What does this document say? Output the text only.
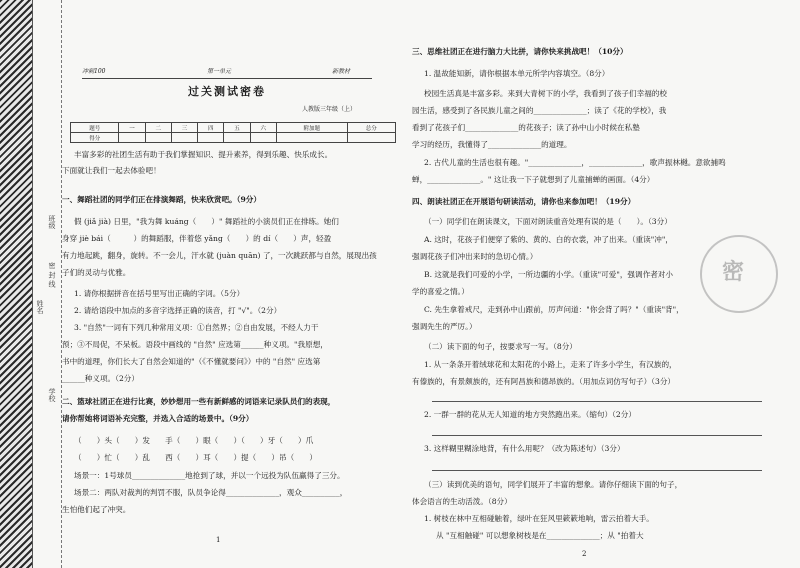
班级
密 封 线
姓名
学校
冲刺100	第一单元	新教材
过关测试密卷
人教版三年级（上）
题号	一	二	三	四	五	六	附加题	总分
得分								
丰富多彩的社团生活有助于我们掌握知识、提升素养，得到乐趣、快乐成长。
下面就让我们一起去体验吧！
一、舞蹈社团的同学们正在排演舞蹈，快来欣赏吧。（9分）
假 (jiǎ jià) 日里，"我为舞 kuáng（　　）" 舞蹈社的小演员们正在排练。她们
身穿 jiè bái（　　　）的舞蹈服，伴着悠 yǎng（　　）的 dí（　　）声，轻盈
有力地起跳，翻身，旋转。不一会儿，汗水就 (juàn quān) 了，一次跳跃都与自然，展现出孩
子们的灵动与优雅。
1. 请你根据拼音在括号里写出正确的字词。（5分）
2. 请给语段中加点的多音字选择正确的读音，打 "√"。（2分）
3. "自然"一词有下列几种常用义项：①自然界；②自由发展，不经人力干
预；③不局促，不呆板。语段中画线的 "自然" 应选第______种义项。"我原想，
书中的道理，你们长大了自然会知道的"（《不懂就要问》）中的 "自然" 应选第
______种义项。（2分）
二、篮球社团正在进行比赛，妙妙想用一些有新鲜感的词语来记录队员们的表现，
请你帮她将词语补充完整，并选入合适的场景中。（9分）
（　　）头（　　）发　　手（　　）眼（　　）（　　）牙（　　）爪
（　　）忙（　　）乱　　西（　　）耳（　　）提（　　）吊（　　）
场景一：1号球员______________地抢到了球，并以一个远投为队伍赢得了三分。
场景二：两队对裁判的判罚不服，队员争论得______________，观众__________，
生怕他们起了冲突。
1
三、思维社团正在进行脑力大比拼，请你快来挑战吧！（10分）
1. 温故能知新，请你根据本单元所学内容填空。（8分）
校园生活真是丰富多彩。来到大青树下的小学，我看到了孩子们幸福的校
园生活，感受到了各民族儿童之间的______________；读了《花的学校》，我
看到了花孩子们______________的花孩子；读了孙中山小时候在私塾
学习的经历，我懂得了______________的道理。
2. 古代儿童的生活也很有趣。"______________，______________，歌声振林樾。意欲捕鸣
蝉，______________。" 这让我一下子就想到了儿童捕蝉的画面。（4分）
四、朗读社团正在开展语句研读活动，请你也来参加吧！（19分）
（一）同学们在朗读课文，下面对朗读重音处理有误的是（　　）。（3分）
A. 这时，花孩子们便穿了紫的、黄的、白的衣裳，冲了出来。（重读"冲"，
强调花孩子们冲出来时的急切心情。）
B. 这就是我们可爱的小学，一所边疆的小学。（重读"可爱"，强调作者对小
学的喜爱之情。）
C. 先生拿着戒尺，走到孙中山跟前，厉声问道："你会背了吗？"（重读"背"，
强调先生的严厉。）
（二）读下面的句子，按要求写一写。（8分）
1. 从一条条开着绒球花和太阳花的小路上，走来了许多小学生，有汉族的，
有傣族的，有景颇族的，还有阿昌族和德昂族的。（用加点词仿写句子）（3分）
2. 一群一群的花从无人知道的地方突然跑出来。（缩句）（2分）
3. 这样糊里糊涂地背，有什么用呢？（改为陈述句）（3分）
（三）读到优美的语句，同学们展开了丰富的想象。请你仔细读下面的句子，
体会语言的生动活泼。（8分）
1. 树枝在林中互相碰触着，绿叶在狂风里簌簌地响，雷云拍着大手。
从 "互相触碰" 可以想象树枝是在______________；从 "拍着大
2
密
